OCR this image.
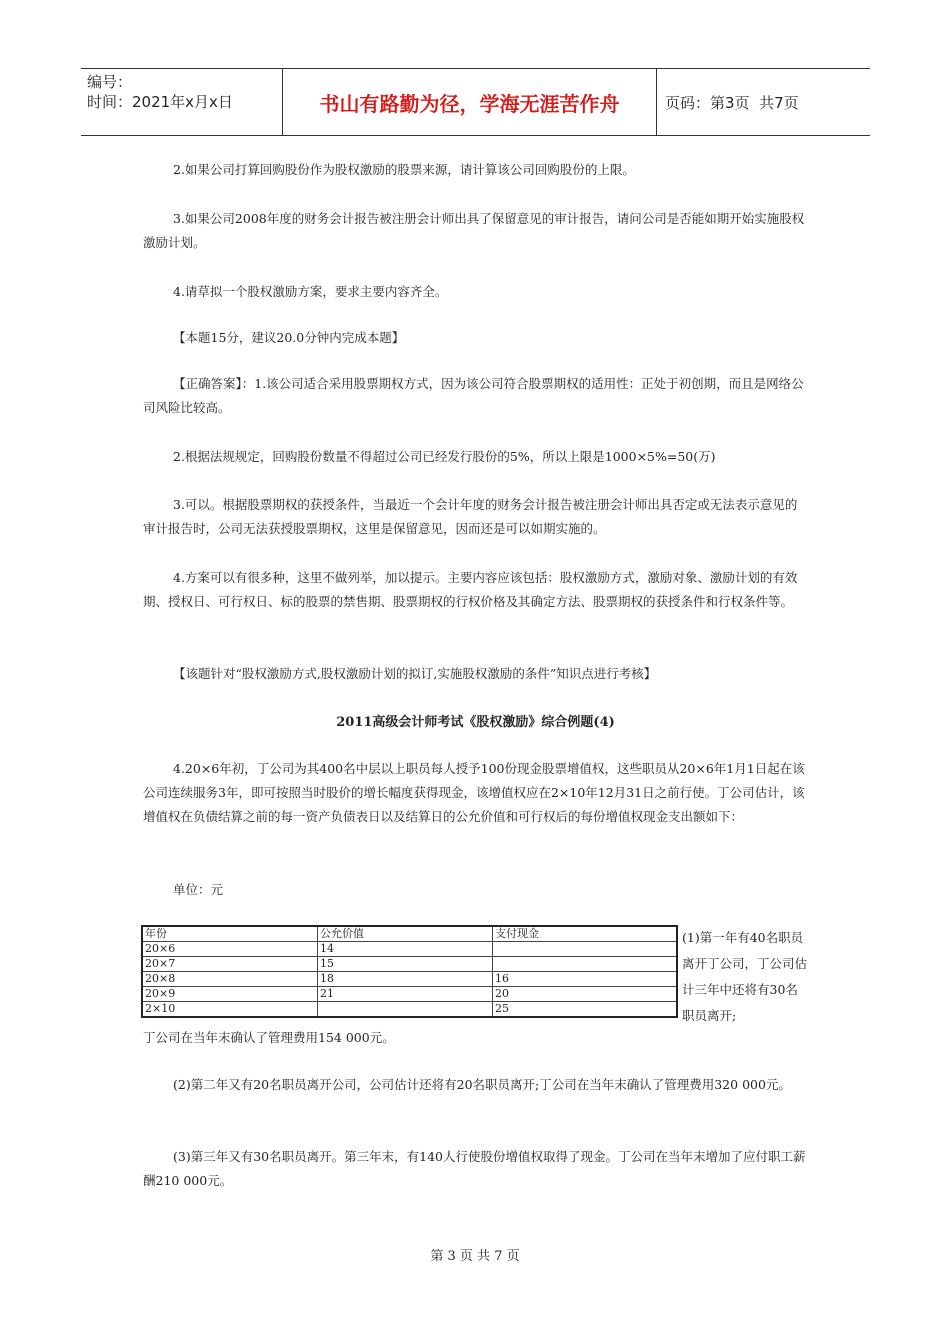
编号：
时间：2021年x月x日	书山有路勤为径，学海无涯苦作舟	页码：第3页  共7页

2.如果公司打算回购股份作为股权激励的股票来源，请计算该公司回购股份的上限。

3.如果公司2008年度的财务会计报告被注册会计师出具了保留意见的审计报告，请问公司是否能如期开始实施股权激励计划。

4.请草拟一个股权激励方案，要求主要内容齐全。

【本题15分，建议20.0分钟内完成本题】

【正确答案】：1.该公司适合采用股票期权方式，因为该公司符合股票期权的适用性：正处于初创期，而且是网络公司风险比较高。

2.根据法规规定，回购股份数量不得超过公司已经发行股份的5%，所以上限是1000×5%=50(万)

3.可以。根据股票期权的获授条件，当最近一个会计年度的财务会计报告被注册会计师出具否定或无法表示意见的审计报告时，公司无法获授股票期权，这里是保留意见，因而还是可以如期实施的。

4.方案可以有很多种，这里不做列举，加以提示。主要内容应该包括：股权激励方式，激励对象、激励计划的有效期、授权日、可行权日、标的股票的禁售期、股票期权的行权价格及其确定方法、股票期权的获授条件和行权条件等。

【该题针对“股权激励方式,股权激励计划的拟订,实施股权激励的条件”知识点进行考核】

2011高级会计师考试《股权激励》综合例题(4)

4.20×6年初，丁公司为其400名中层以上职员每人授予100份现金股票增值权，这些职员从20×6年1月1日起在该公司连续服务3年，即可按照当时股价的增长幅度获得现金，该增值权应在2×10年12月31日之前行使。丁公司估计，该增值权在负债结算之前的每一资产负债表日以及结算日的公允价值和可行权后的每份增值权现金支出额如下：

单位：元

年份	公允价值	支付现金
20×6	14	
20×7	15	
20×8	18	16
20×9	21	20
2×10		25
(1)第一年有40名职员离开丁公司，丁公司估计三年中还将有30名职员离开;

丁公司在当年末确认了管理费用154 000元。

(2)第二年又有20名职员离开公司，公司估计还将有20名职员离开;丁公司在当年末确认了管理费用320 000元。

(3)第三年又有30名职员离开。第三年末，有140人行使股份增值权取得了现金。丁公司在当年末增加了应付职工薪酬210 000元。

第 3 页 共 7 页
